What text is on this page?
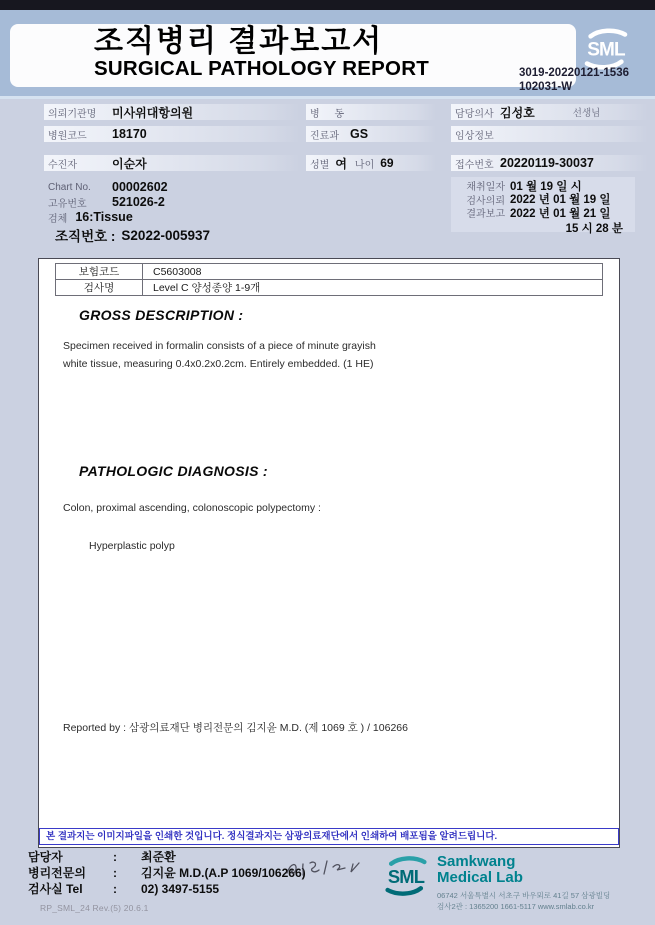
조직병리 결과보고서
SURGICAL PATHOLOGY REPORT
SML
3019-20220121-1536
102031-W
의뢰기관명	미사위대항의원
병원코드	18170
수진자	이순자
병 동
진료과 GS
성별 여 나이 69
담당의사 김성호	선생님
임상정보
접수번호 20220119-30037
Chart No.	00002602
고유번호	521026-2
검체 16:Tissue
조직번호 : S2022-005937
채취일자 01 월 19 일 시
검사의뢰 2022 년 01 월 19 일
결과보고 2022 년 01 월 21 일
15 시 28 분
보험코드	C5603008
검사명	Level C 양성종양 1-9개
GROSS DESCRIPTION :
Specimen received in formalin consists of a piece of minute grayish
white tissue, measuring 0.4x0.2x0.2cm. Entirely embedded. (1 HE)
PATHOLOGIC DIAGNOSIS :
Colon, proximal ascending, colonoscopic polypectomy :
Hyperplastic polyp
Reported by : 삼광의료재단 병리전문의 김지윤 M.D. (제 1069 호 ) / 106266
본 결과지는 이미지파일을 인쇄한 것입니다. 정식결과지는 삼광의료재단에서 인쇄하여 배포됨을 알려드립니다.
담당자	:	최준환
병리전문의	:	김지윤 M.D.(A.P 1069/106266)
검사실 Tel	:	02) 3497-5155
RP_SML_24 Rev.(5) 20.6.1
SML
Samkwang
Medical Lab
06742 서울특별시 서초구 바우뫼로 41길 57 삼광빌딩
검사2관 : 1365200 1661-5117 www.smlab.co.kr
